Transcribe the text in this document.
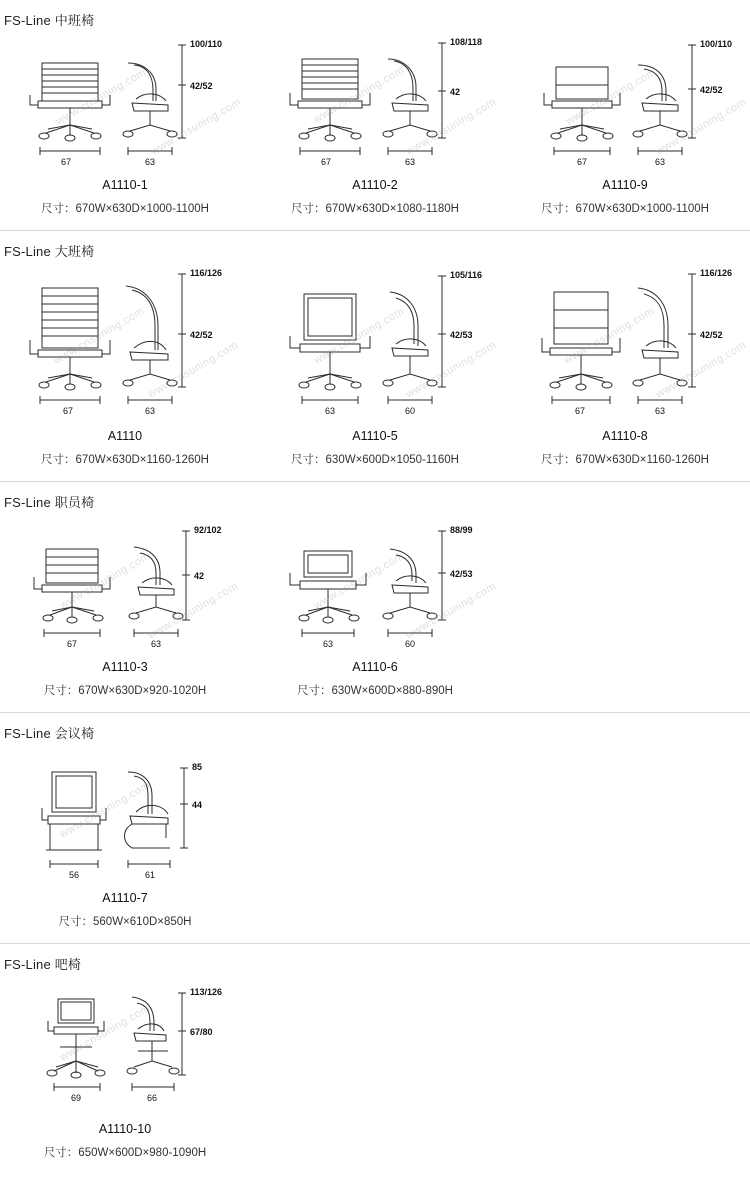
FS-Line 中班椅
67	63
100/110
42/52
www.cnsuning.com www.cnsuning.com
A1110-1
尺寸：670W×630D×1000-1100H
67	63
108/118
42
www.cnsuning.com
www.cnsuning.com
A1110-2
尺寸：670W×630D×1080-1180H
67	63
100/110
42/52
www.cnsuning.com
www.cnsuning.com
A1110-9
尺寸：670W×630D×1000-1100H
FS-Line 大班椅
67	63
116/126
42/52
www.cnsuning.com
www.cnsuning.com
A1110
尺寸：670W×630D×1160-1260H
63	60
105/116
42/53
www.cnsuning.com
www.cnsuning.com
A1110-5
尺寸：630W×600D×1050-1160H
67	63
116/126
42/52
www.cnsuning.com
www.cnsuning.com
A1110-8
尺寸：670W×630D×1160-1260H
FS-Line 职员椅
67	63
92/102
42
www.cnsuning.com
www.cnsuning.com
A1110-3
尺寸：670W×630D×920-1020H
63	60
88/99
42/53
www.cnsuning.com
www.cnsuning.com
A1110-6
尺寸：630W×600D×880-890H
FS-Line 会议椅
56	61
85
44
www.cnsuning.com
A1110-7
尺寸：560W×610D×850H
FS-Line 吧椅
69	66
113/126
67/80
www.cnsuning.com
A1110-10
尺寸：650W×600D×980-1090H
